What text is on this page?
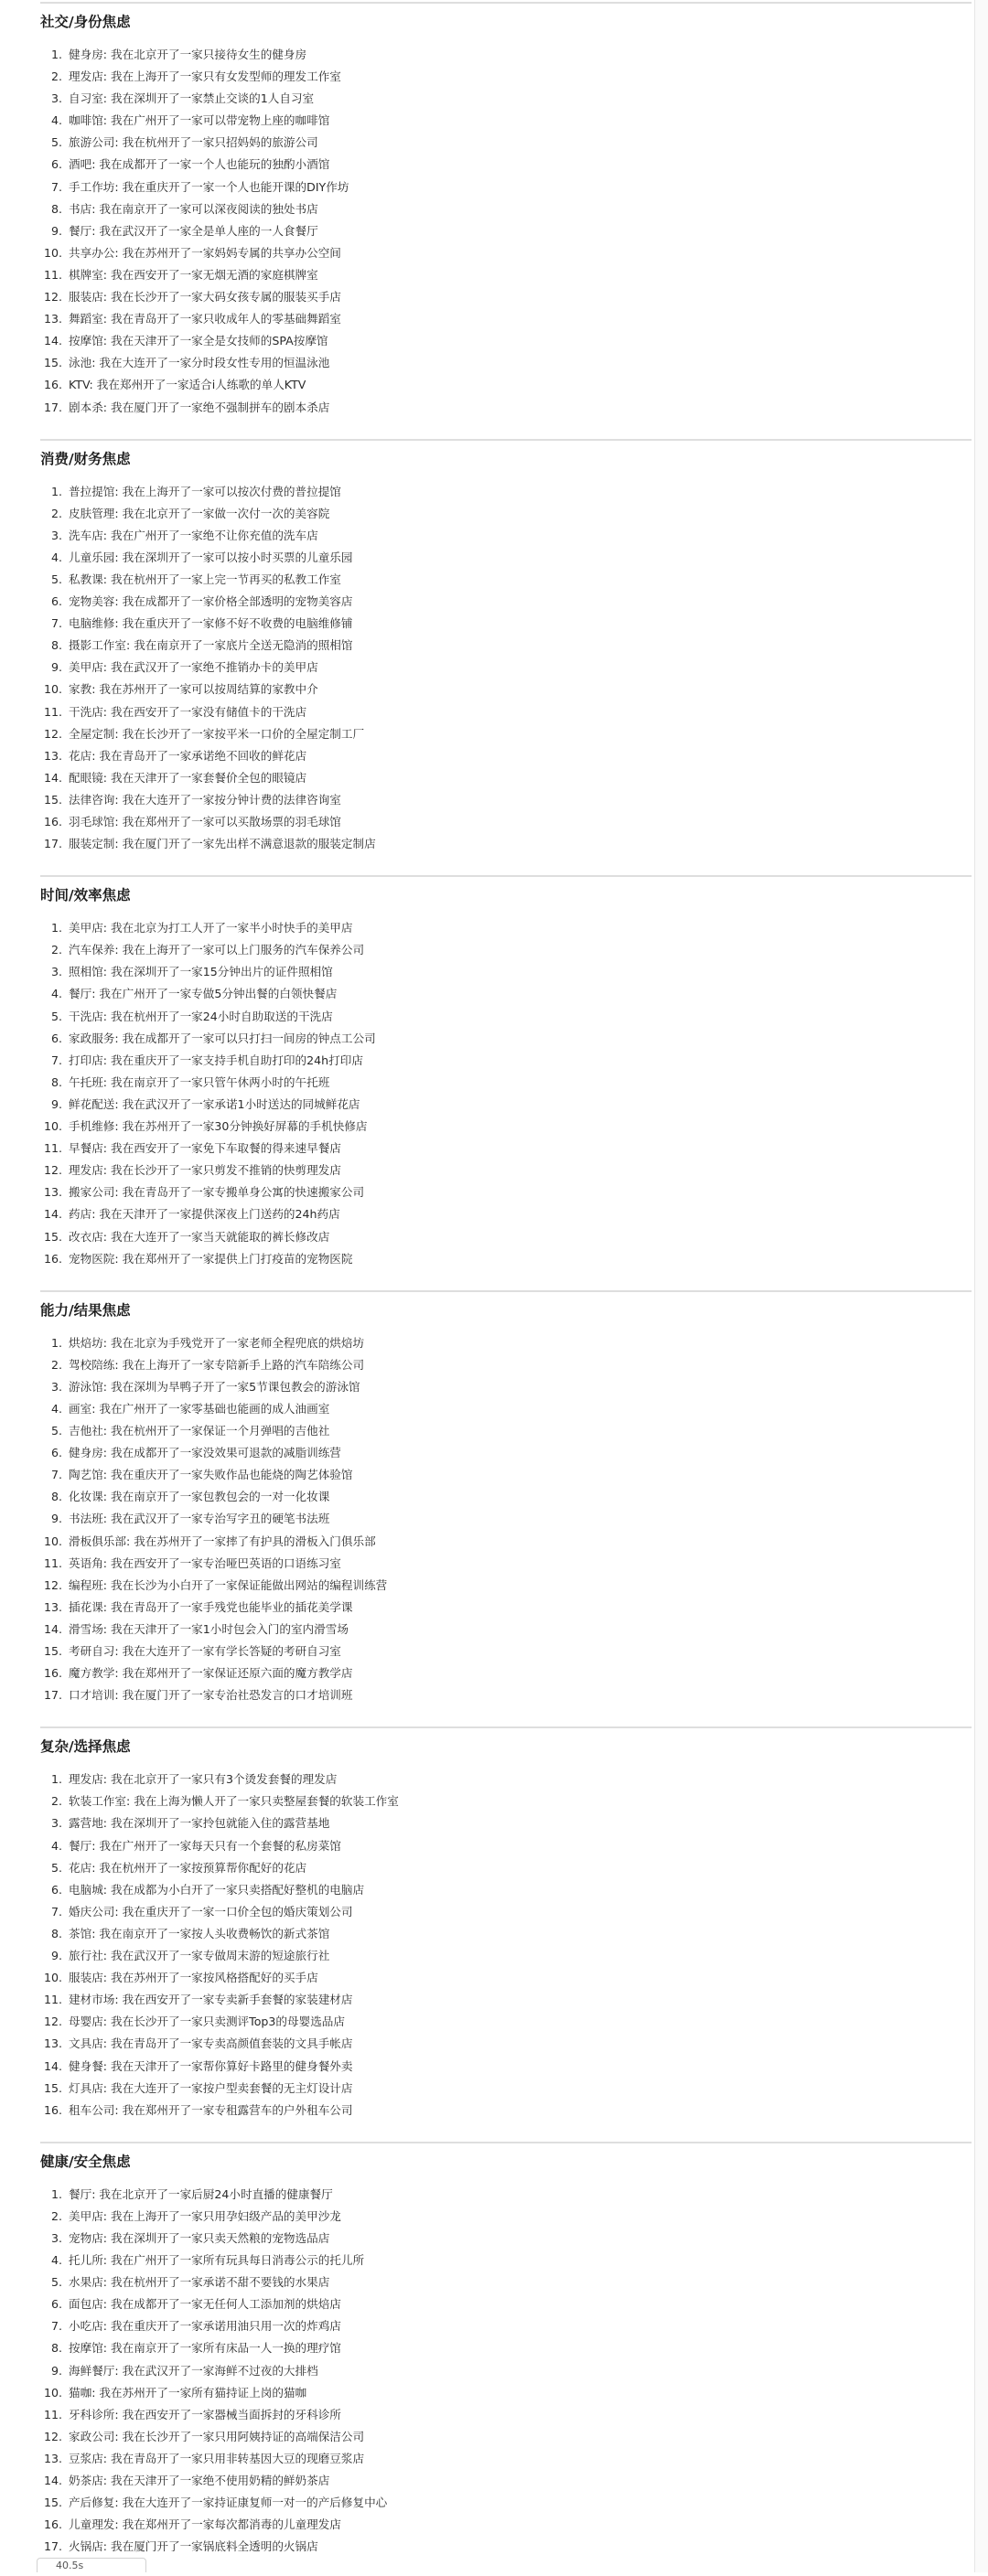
社交/身份焦虑
1. 健身房: 我在北京开了一家只接待女生的健身房
2. 理发店: 我在上海开了一家只有女发型师的理发工作室
3. 自习室: 我在深圳开了一家禁止交谈的1人自习室
4. 咖啡馆: 我在广州开了一家可以带宠物上座的咖啡馆
5. 旅游公司: 我在杭州开了一家只招妈妈的旅游公司
6. 酒吧: 我在成都开了一家一个人也能玩的独酌小酒馆
7. 手工作坊: 我在重庆开了一家一个人也能开课的DIY作坊
8. 书店: 我在南京开了一家可以深夜阅读的独处书店
9. 餐厅: 我在武汉开了一家全是单人座的一人食餐厅
10. 共享办公: 我在苏州开了一家妈妈专属的共享办公空间
11. 棋牌室: 我在西安开了一家无烟无酒的家庭棋牌室
12. 服装店: 我在长沙开了一家大码女孩专属的服装买手店
13. 舞蹈室: 我在青岛开了一家只收成年人的零基础舞蹈室
14. 按摩馆: 我在天津开了一家全是女技师的SPA按摩馆
15. 泳池: 我在大连开了一家分时段女性专用的恒温泳池
16. KTV: 我在郑州开了一家适合i人练歌的单人KTV
17. 剧本杀: 我在厦门开了一家绝不强制拼车的剧本杀店
消费/财务焦虑
1. 普拉提馆: 我在上海开了一家可以按次付费的普拉提馆
2. 皮肤管理: 我在北京开了一家做一次付一次的美容院
3. 洗车店: 我在广州开了一家绝不让你充值的洗车店
4. 儿童乐园: 我在深圳开了一家可以按小时买票的儿童乐园
5. 私教课: 我在杭州开了一家上完一节再买的私教工作室
6. 宠物美容: 我在成都开了一家价格全部透明的宠物美容店
7. 电脑维修: 我在重庆开了一家修不好不收费的电脑维修铺
8. 摄影工作室: 我在南京开了一家底片全送无隐消的照相馆
9. 美甲店: 我在武汉开了一家绝不推销办卡的美甲店
10. 家教: 我在苏州开了一家可以按周结算的家教中介
11. 干洗店: 我在西安开了一家没有储值卡的干洗店
12. 全屋定制: 我在长沙开了一家按平米一口价的全屋定制工厂
13. 花店: 我在青岛开了一家承诺绝不回收的鲜花店
14. 配眼镜: 我在天津开了一家套餐价全包的眼镜店
15. 法律咨询: 我在大连开了一家按分钟计费的法律咨询室
16. 羽毛球馆: 我在郑州开了一家可以买散场票的羽毛球馆
17. 服装定制: 我在厦门开了一家先出样不满意退款的服装定制店
时间/效率焦虑
1. 美甲店: 我在北京为打工人开了一家半小时快手的美甲店
2. 汽车保养: 我在上海开了一家可以上门服务的汽车保养公司
3. 照相馆: 我在深圳开了一家15分钟出片的证件照相馆
4. 餐厅: 我在广州开了一家专做5分钟出餐的白领快餐店
5. 干洗店: 我在杭州开了一家24小时自助取送的干洗店
6. 家政服务: 我在成都开了一家可以只打扫一间房的钟点工公司
7. 打印店: 我在重庆开了一家支持手机自助打印的24h打印店
8. 午托班: 我在南京开了一家只管午休两小时的午托班
9. 鲜花配送: 我在武汉开了一家承诺1小时送达的同城鲜花店
10. 手机维修: 我在苏州开了一家30分钟换好屏幕的手机快修店
11. 早餐店: 我在西安开了一家免下车取餐的得来速早餐店
12. 理发店: 我在长沙开了一家只剪发不推销的快剪理发店
13. 搬家公司: 我在青岛开了一家专搬单身公寓的快速搬家公司
14. 药店: 我在天津开了一家提供深夜上门送药的24h药店
15. 改衣店: 我在大连开了一家当天就能取的裤长修改店
16. 宠物医院: 我在郑州开了一家提供上门打疫苗的宠物医院
能力/结果焦虑
1. 烘焙坊: 我在北京为手残党开了一家老师全程兜底的烘焙坊
2. 驾校陪练: 我在上海开了一家专陪新手上路的汽车陪练公司
3. 游泳馆: 我在深圳为旱鸭子开了一家5节课包教会的游泳馆
4. 画室: 我在广州开了一家零基础也能画的成人油画室
5. 吉他社: 我在杭州开了一家保证一个月弹唱的吉他社
6. 健身房: 我在成都开了一家没效果可退款的减脂训练营
7. 陶艺馆: 我在重庆开了一家失败作品也能烧的陶艺体验馆
8. 化妆课: 我在南京开了一家包教包会的一对一化妆课
9. 书法班: 我在武汉开了一家专治写字丑的硬笔书法班
10. 滑板俱乐部: 我在苏州开了一家摔了有护具的滑板入门俱乐部
11. 英语角: 我在西安开了一家专治哑巴英语的口语练习室
12. 编程班: 我在长沙为小白开了一家保证能做出网站的编程训练营
13. 插花课: 我在青岛开了一家手残党也能毕业的插花美学课
14. 滑雪场: 我在天津开了一家1小时包会入门的室内滑雪场
15. 考研自习: 我在大连开了一家有学长答疑的考研自习室
16. 魔方教学: 我在郑州开了一家保证还原六面的魔方教学店
17. 口才培训: 我在厦门开了一家专治社恐发言的口才培训班
复杂/选择焦虑
1. 理发店: 我在北京开了一家只有3个烫发套餐的理发店
2. 软装工作室: 我在上海为懒人开了一家只卖整屋套餐的软装工作室
3. 露营地: 我在深圳开了一家拎包就能入住的露营基地
4. 餐厅: 我在广州开了一家每天只有一个套餐的私房菜馆
5. 花店: 我在杭州开了一家按预算帮你配好的花店
6. 电脑城: 我在成都为小白开了一家只卖搭配好整机的电脑店
7. 婚庆公司: 我在重庆开了一家一口价全包的婚庆策划公司
8. 茶馆: 我在南京开了一家按人头收费畅饮的新式茶馆
9. 旅行社: 我在武汉开了一家专做周末游的短途旅行社
10. 服装店: 我在苏州开了一家按风格搭配好的买手店
11. 建材市场: 我在西安开了一家专卖新手套餐的家装建材店
12. 母婴店: 我在长沙开了一家只卖测评Top3的母婴选品店
13. 文具店: 我在青岛开了一家专卖高颜值套装的文具手帐店
14. 健身餐: 我在天津开了一家帮你算好卡路里的健身餐外卖
15. 灯具店: 我在大连开了一家按户型卖套餐的无主灯设计店
16. 租车公司: 我在郑州开了一家专租露营车的户外租车公司
健康/安全焦虑
1. 餐厅: 我在北京开了一家后厨24小时直播的健康餐厅
2. 美甲店: 我在上海开了一家只用孕妇级产品的美甲沙龙
3. 宠物店: 我在深圳开了一家只卖天然粮的宠物选品店
4. 托儿所: 我在广州开了一家所有玩具每日消毒公示的托儿所
5. 水果店: 我在杭州开了一家承诺不甜不要钱的水果店
6. 面包店: 我在成都开了一家无任何人工添加剂的烘焙店
7. 小吃店: 我在重庆开了一家承诺用油只用一次的炸鸡店
8. 按摩馆: 我在南京开了一家所有床品一人一换的理疗馆
9. 海鲜餐厅: 我在武汉开了一家海鲜不过夜的大排档
10. 猫咖: 我在苏州开了一家所有猫持证上岗的猫咖
11. 牙科诊所: 我在西安开了一家器械当面拆封的牙科诊所
12. 家政公司: 我在长沙开了一家只用阿姨持证的高端保洁公司
13. 豆浆店: 我在青岛开了一家只用非转基因大豆的现磨豆浆店
14. 奶茶店: 我在天津开了一家绝不使用奶精的鲜奶茶店
15. 产后修复: 我在大连开了一家持证康复师一对一的产后修复中心
16. 儿童理发: 我在郑州开了一家每次都消毒的儿童理发店
17. 火锅店: 我在厦门开了一家锅底料全透明的火锅店
40.5s
